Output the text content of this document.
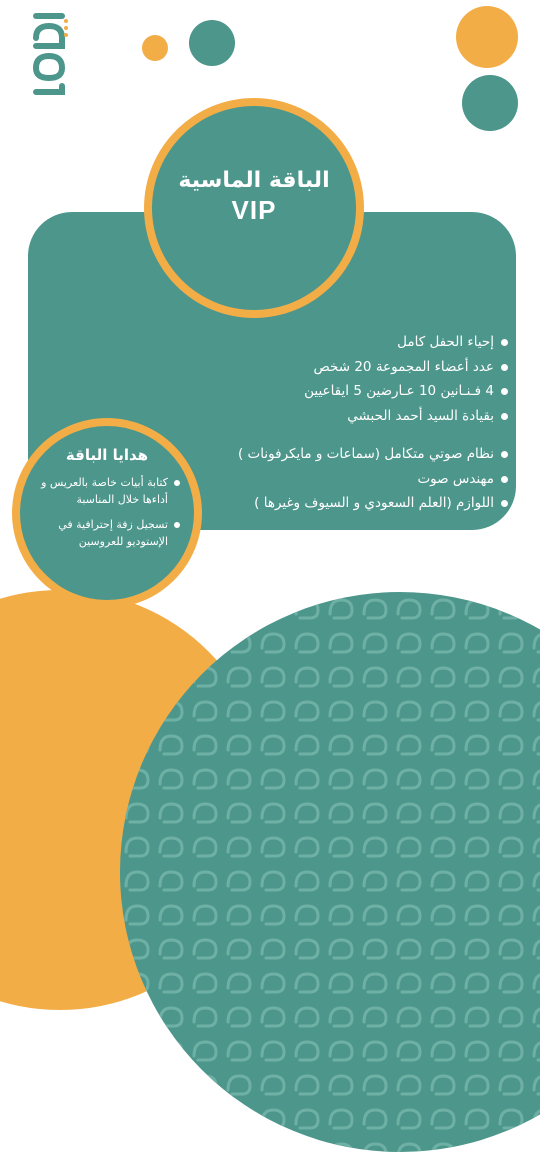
الباقة الماسية
VIP
إحياء الحفل كامل
عدد أعضاء المجموعة 20 شخص
4 فـنـانين 10 عـارضين 5 ايقاعيين
بقيادة السيد أحمد الحبشي
نظام صوتي متكامل (سماعات و مايكرفونات )
مهندس صوت
اللوازم (العلم السعودي و السيوف وغيرها )
هدايا الباقة
كتابة أبيات خاصة بالعريس و أداءها خلال المناسبة
تسجيل زفة إحترافية في الإستوديو للعروسين
